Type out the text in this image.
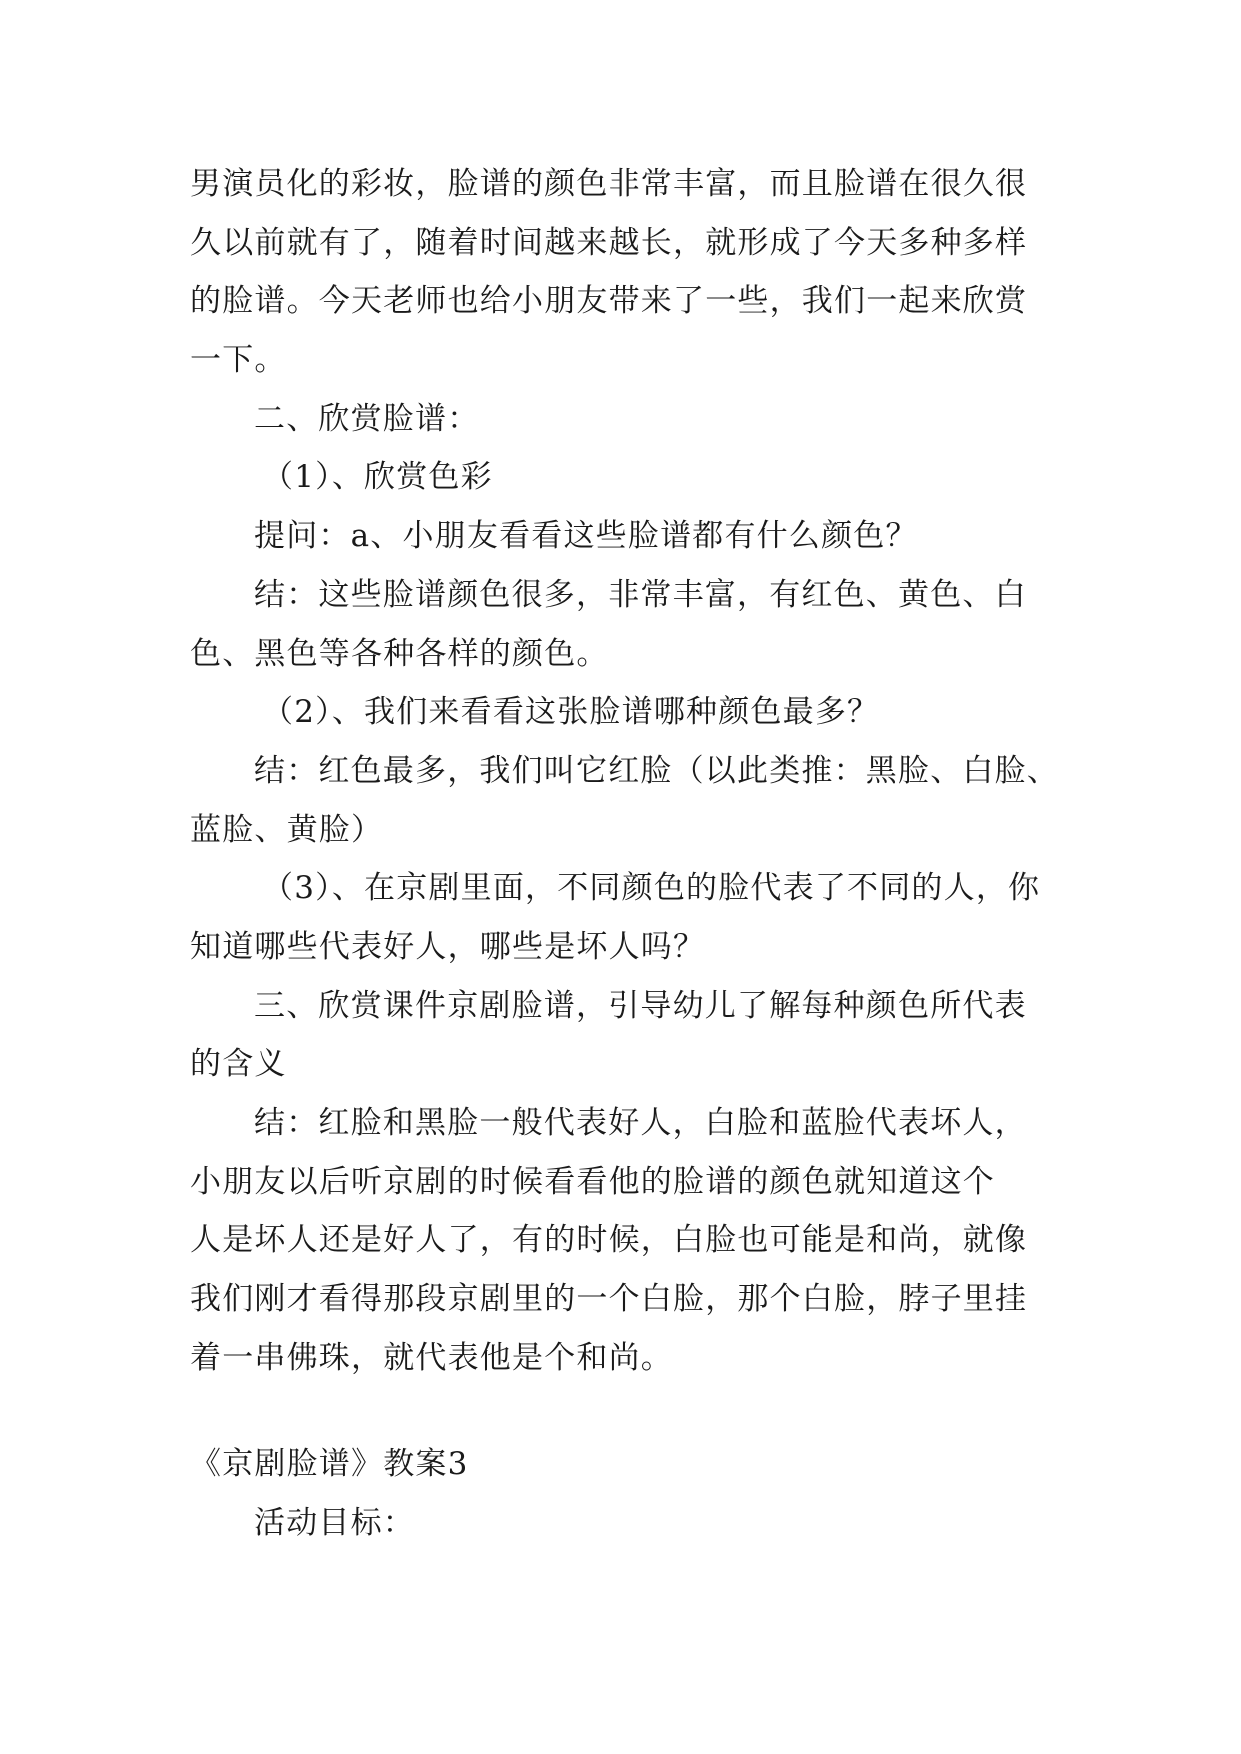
男演员化的彩妆，脸谱的颜色非常丰富，而且脸谱在很久很
久以前就有了，随着时间越来越长，就形成了今天多种多样
的脸谱。今天老师也给小朋友带来了一些，我们一起来欣赏
一下。
二、欣赏脸谱：
（1）、欣赏色彩
提问：a、小朋友看看这些脸谱都有什么颜色？
结：这些脸谱颜色很多，非常丰富，有红色、黄色、白
色、黑色等各种各样的颜色。
（2）、我们来看看这张脸谱哪种颜色最多？
结：红色最多，我们叫它红脸（以此类推：黑脸、白脸、
蓝脸、黄脸）
（3）、在京剧里面，不同颜色的脸代表了不同的人，你
知道哪些代表好人，哪些是坏人吗？
三、欣赏课件京剧脸谱，引导幼儿了解每种颜色所代表
的含义
结：红脸和黑脸一般代表好人，白脸和蓝脸代表坏人，
小朋友以后听京剧的时候看看他的脸谱的颜色就知道这个
人是坏人还是好人了，有的时候，白脸也可能是和尚，就像
我们刚才看得那段京剧里的一个白脸，那个白脸，脖子里挂
着一串佛珠，就代表他是个和尚。
《京剧脸谱》教案3
活动目标：
